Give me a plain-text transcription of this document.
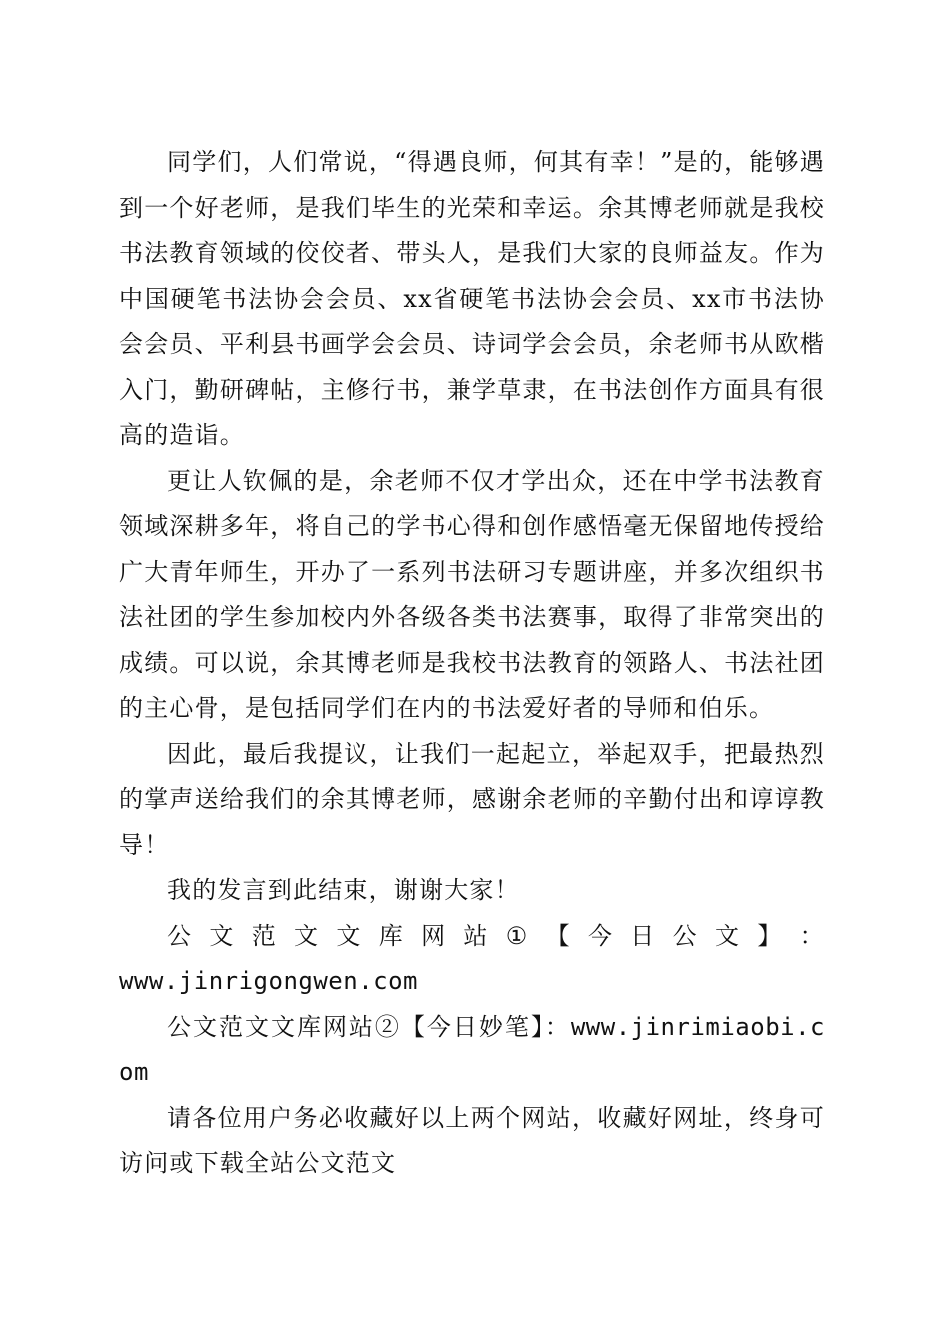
同学们，人们常说，“得遇良师，何其有幸！”是的，能够遇到一个好老师，是我们毕生的光荣和幸运。余其博老师就是我校书法教育领域的佼佼者、带头人，是我们大家的良师益友。作为中国硬笔书法协会会员、xx省硬笔书法协会会员、xx市书法协会会员、平利县书画学会会员、诗词学会会员，余老师书从欧楷入门，勤研碑帖，主修行书，兼学草隶，在书法创作方面具有很高的造诣。

更让人钦佩的是，余老师不仅才学出众，还在中学书法教育领域深耕多年，将自己的学书心得和创作感悟毫无保留地传授给广大青年师生，开办了一系列书法研习专题讲座，并多次组织书法社团的学生参加校内外各级各类书法赛事，取得了非常突出的成绩。可以说，余其博老师是我校书法教育的领路人、书法社团的主心骨，是包括同学们在内的书法爱好者的导师和伯乐。

因此，最后我提议，让我们一起起立，举起双手，把最热烈的掌声送给我们的余其博老师，感谢余老师的辛勤付出和谆谆教导！

我的发言到此结束，谢谢大家！

公 文 范 文 文 库 网 站 ① 【 今 日 公 文 】 ：
www.jinrigongwen.com

公文范文文库网站②【今日妙笔】：www.jinrimiaobi.com

请各位用户务必收藏好以上两个网站，收藏好网址，终身可访问或下载全站公文范文
